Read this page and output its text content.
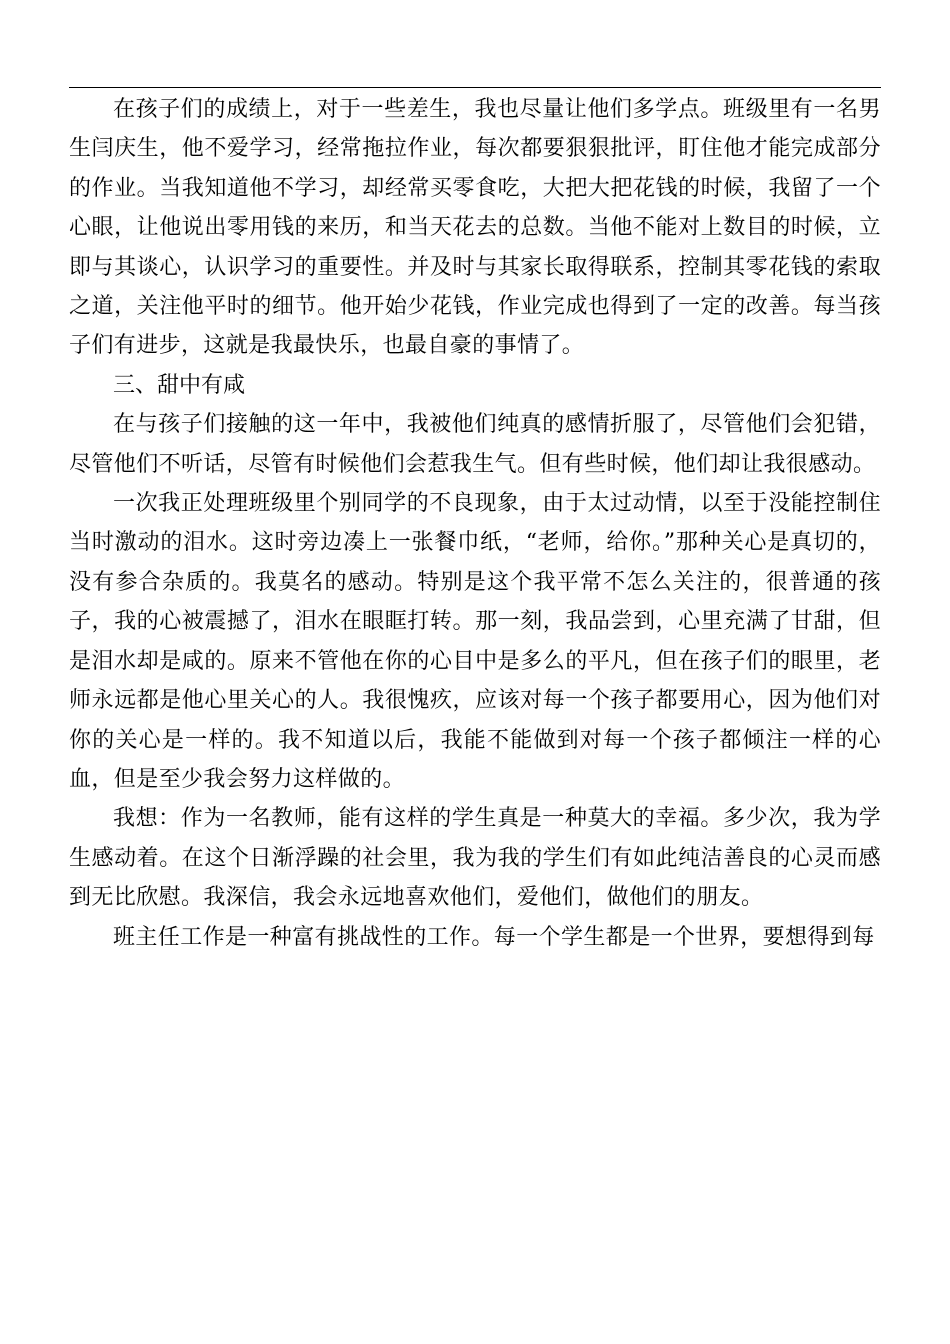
在孩子们的成绩上，对于一些差生，我也尽量让他们多学点。班级里有一名男生闫庆生，他不爱学习，经常拖拉作业，每次都要狠狠批评，盯住他才能完成部分的作业。当我知道他不学习，却经常买零食吃，大把大把花钱的时候，我留了一个心眼，让他说出零用钱的来历，和当天花去的总数。当他不能对上数目的时候，立即与其谈心，认识学习的重要性。并及时与其家长取得联系，控制其零花钱的索取之道，关注他平时的细节。他开始少花钱，作业完成也得到了一定的改善。每当孩子们有进步，这就是我最快乐，也最自豪的事情了。

三、甜中有咸

在与孩子们接触的这一年中，我被他们纯真的感情折服了，尽管他们会犯错，尽管他们不听话，尽管有时候他们会惹我生气。但有些时候，他们却让我很感动。

一次我正处理班级里个别同学的不良现象，由于太过动情，以至于没能控制住当时激动的泪水。这时旁边凑上一张餐巾纸，“老师，给你。”那种关心是真切的，没有参合杂质的。我莫名的感动。特别是这个我平常不怎么关注的，很普通的孩子，我的心被震撼了，泪水在眼眶打转。那一刻，我品尝到，心里充满了甘甜，但是泪水却是咸的。原来不管他在你的心目中是多么的平凡，但在孩子们的眼里，老师永远都是他心里关心的人。我很愧疚，应该对每一个孩子都要用心，因为他们对你的关心是一样的。我不知道以后，我能不能做到对每一个孩子都倾注一样的心血，但是至少我会努力这样做的。

我想：作为一名教师，能有这样的学生真是一种莫大的幸福。多少次，我为学生感动着。在这个日渐浮躁的社会里，我为我的学生们有如此纯洁善良的心灵而感到无比欣慰。我深信，我会永远地喜欢他们，爱他们，做他们的朋友。

班主任工作是一种富有挑战性的工作。每一个学生都是一个世界，要想得到每
